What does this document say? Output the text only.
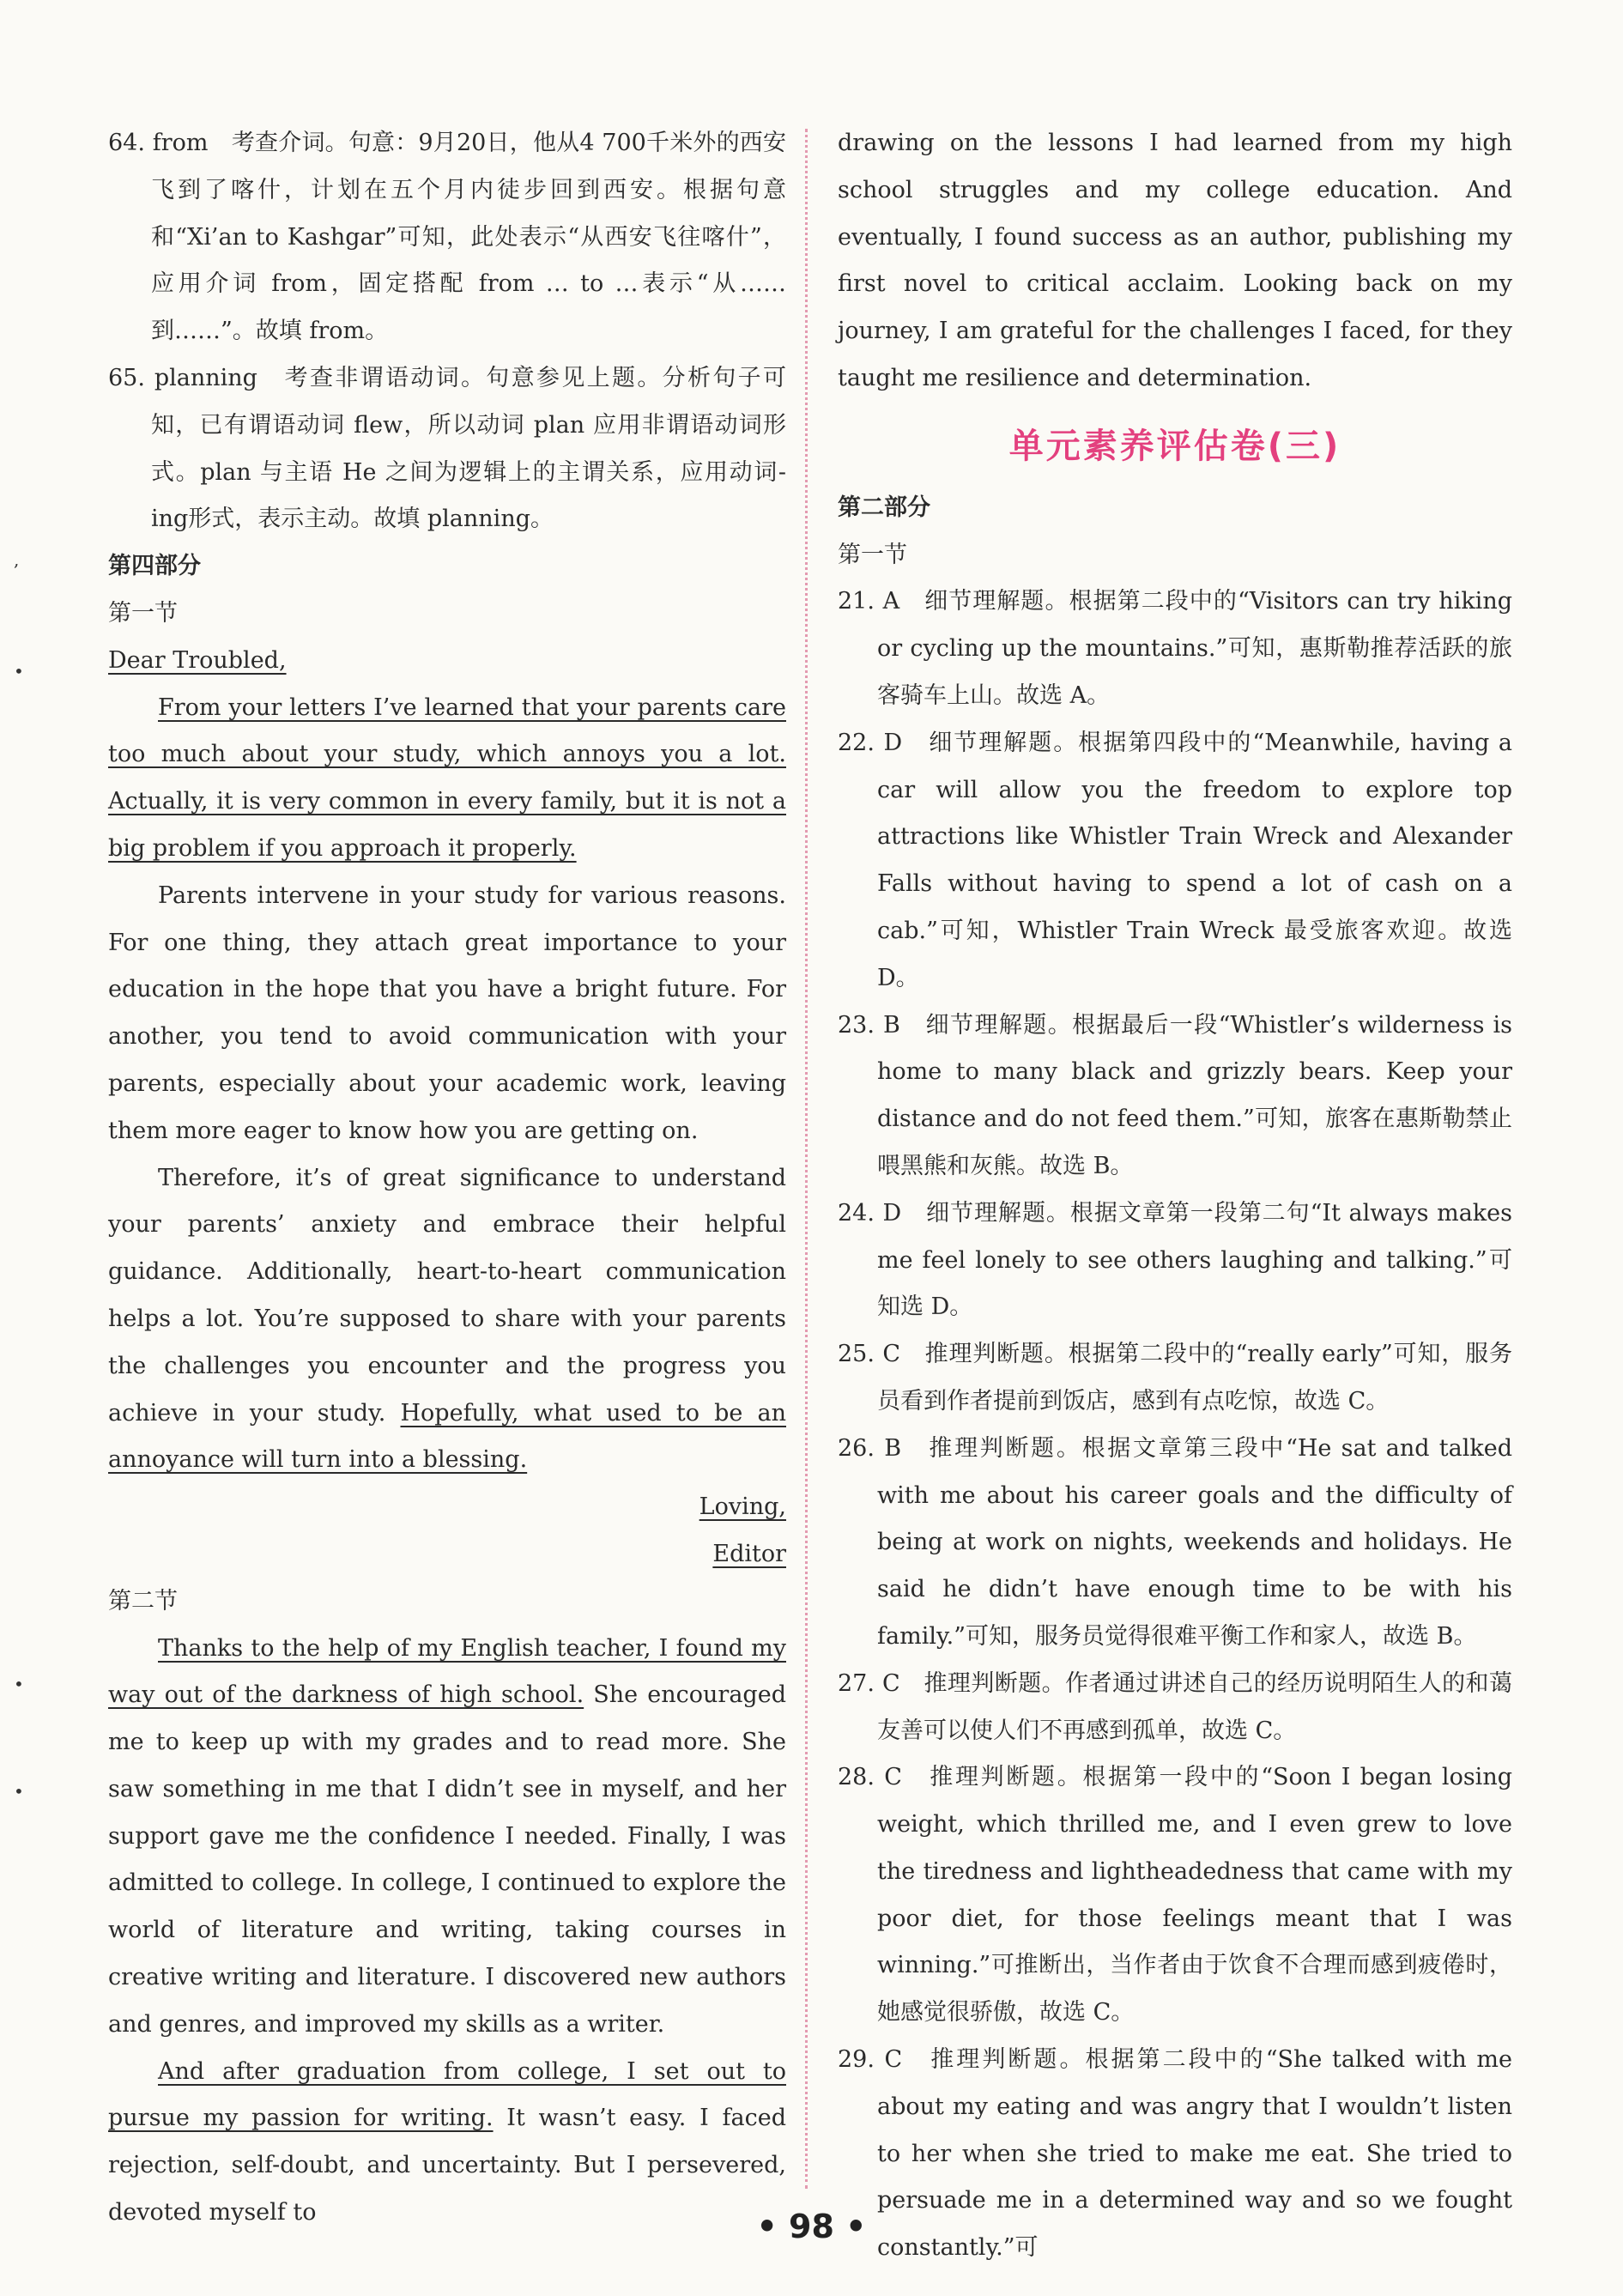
,
•
•
•

64. from　考查介词。句意：9月20日，他从4 700千米外的西安飞到了喀什，计划在五个月内徒步回到西安。根据句意和“Xi’an to Kashgar”可知，此处表示“从西安飞往喀什”，应用介词 from，固定搭配 from … to …表示“从……到……”。故填 from。

65. planning　考查非谓语动词。句意参见上题。分析句子可知，已有谓语动词 flew，所以动词 plan 应用非谓语动词形式。plan 与主语 He 之间为逻辑上的主谓关系，应用动词-ing形式，表示主动。故填 planning。

第四部分

第一节

Dear Troubled,

From your letters I’ve learned that your parents care too much about your study, which annoys you a lot. Actually, it is very common in every family, but it is not a big problem if you approach it properly.

Parents intervene in your study for various reasons. For one thing, they attach great importance to your education in the hope that you have a bright future. For another, you tend to avoid communication with your parents, especially about your academic work, leaving them more eager to know how you are getting on.

Therefore, it’s of great significance to understand your parents’ anxiety and embrace their helpful guidance. Additionally, heart-to-heart communication helps a lot. You’re supposed to share with your parents the challenges you encounter and the progress you achieve in your study. Hopefully, what used to be an annoyance will turn into a blessing.

Loving,

Editor

第二节

Thanks to the help of my English teacher, I found my way out of the darkness of high school. She encouraged me to keep up with my grades and to read more. She saw something in me that I didn’t see in myself, and her support gave me the confidence I needed. Finally, I was admitted to college. In college, I continued to explore the world of literature and writing, taking courses in creative writing and literature. I discovered new authors and genres, and improved my skills as a writer.

And after graduation from college, I set out to pursue my passion for writing. It wasn’t easy. I faced rejection, self-doubt, and uncertainty. But I persevered, devoted myself to

drawing on the lessons I had learned from my high school struggles and my college education. And eventually, I found success as an author, publishing my first novel to critical acclaim. Looking back on my journey, I am grateful for the challenges I faced, for they taught me resilience and determination.

单元素养评估卷(三)

第二部分

第一节

21. A　细节理解题。根据第二段中的“Visitors can try hiking or cycling up the mountains.”可知，惠斯勒推荐活跃的旅客骑车上山。故选 A。

22. D　细节理解题。根据第四段中的“Meanwhile, having a car will allow you the freedom to explore top attractions like Whistler Train Wreck and Alexander Falls without having to spend a lot of cash on a cab.”可知，Whistler Train Wreck 最受旅客欢迎。故选 D。

23. B　细节理解题。根据最后一段“Whistler’s wilderness is home to many black and grizzly bears. Keep your distance and do not feed them.”可知，旅客在惠斯勒禁止喂黑熊和灰熊。故选 B。

24. D　细节理解题。根据文章第一段第二句“It always makes me feel lonely to see others laughing and talking.”可知选 D。

25. C　推理判断题。根据第二段中的“really early”可知，服务员看到作者提前到饭店，感到有点吃惊，故选 C。

26. B　推理判断题。根据文章第三段中“He sat and talked with me about his career goals and the difficulty of being at work on nights, weekends and holidays. He said he didn’t have enough time to be with his family.”可知，服务员觉得很难平衡工作和家人，故选 B。

27. C　推理判断题。作者通过讲述自己的经历说明陌生人的和蔼友善可以使人们不再感到孤单，故选 C。

28. C　推理判断题。根据第一段中的“Soon I began losing weight, which thrilled me, and I even grew to love the tiredness and lightheadedness that came with my poor diet, for those feelings meant that I was winning.”可推断出，当作者由于饮食不合理而感到疲倦时，她感觉很骄傲，故选 C。

29. C　推理判断题。根据第二段中的“She talked with me about my eating and was angry that I wouldn’t listen to her when she tried to make me eat. She tried to persuade me in a determined way and so we fought constantly.”可

• 98 •
